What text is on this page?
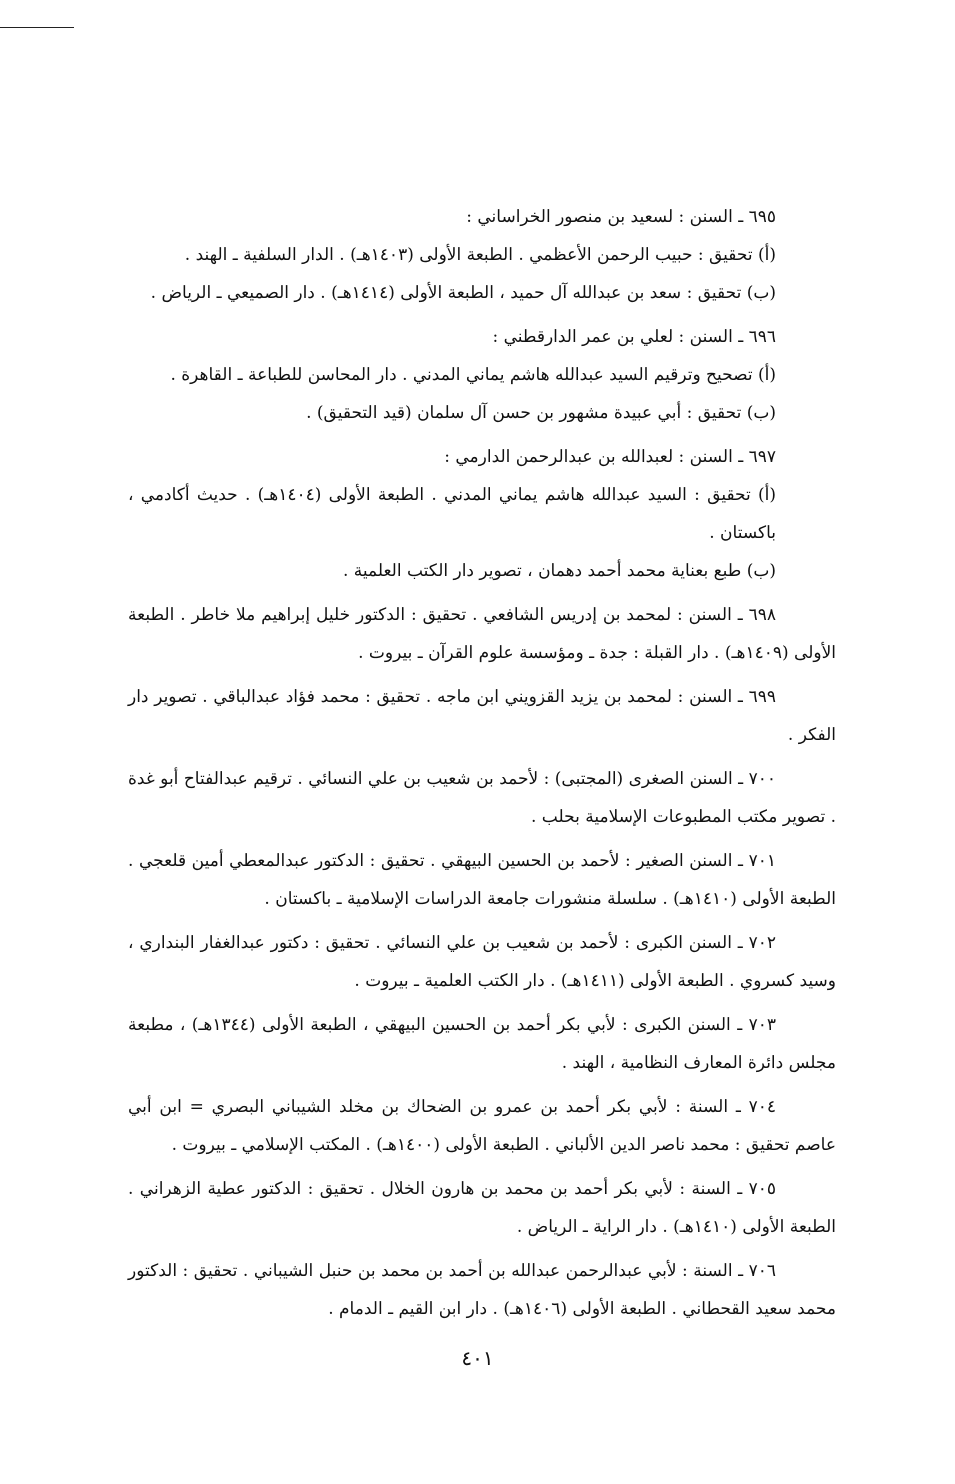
٦٩٥ ـ السنن : لسعيد بن منصور الخراساني :

(أ) تحقيق : حبيب الرحمن الأعظمي . الطبعة الأولى (١٤٠٣هـ) . الدار السلفية ـ الهند .

(ب) تحقيق : سعد بن عبدالله آل حميد ، الطبعة الأولى (١٤١٤هـ) . دار الصميعي ـ الرياض .

٦٩٦ ـ السنن : لعلي بن عمر الدارقطني :

(أ) تصحيح وترقيم السيد عبدالله هاشم يماني المدني . دار المحاسن للطباعة ـ القاهرة .

(ب) تحقيق : أبي عبيدة مشهور بن حسن آل سلمان (قيد التحقيق) .

٦٩٧ ـ السنن : لعبدالله بن عبدالرحمن الدارمي :

(أ) تحقيق : السيد عبدالله هاشم يماني المدني . الطبعة الأولى (١٤٠٤هـ) . حديث أكادمي ، باكستان .

(ب) طبع بعناية محمد أحمد دهمان ، تصوير دار الكتب العلمية .

٦٩٨ ـ السنن : لمحمد بن إدريس الشافعي . تحقيق : الدكتور خليل إبراهيم ملا خاطر . الطبعة الأولى (١٤٠٩هـ) . دار القبلة : جدة ـ ومؤسسة علوم القرآن ـ بيروت .

٦٩٩ ـ السنن : لمحمد بن يزيد القزويني ابن ماجه . تحقيق : محمد فؤاد عبدالباقي . تصوير دار الفكر .

٧٠٠ ـ السنن الصغرى (المجتبى) : لأحمد بن شعيب بن علي النسائي . ترقيم عبدالفتاح أبو غدة . تصوير مكتب المطبوعات الإسلامية بحلب .

٧٠١ ـ السنن الصغير : لأحمد بن الحسين البيهقي . تحقيق : الدكتور عبدالمعطي أمين قلعجي . الطبعة الأولى (١٤١٠هـ) . سلسلة منشورات جامعة الدراسات الإسلامية ـ باكستان .

٧٠٢ ـ السنن الكبرى : لأحمد بن شعيب بن علي النسائي . تحقيق : دكتور عبدالغفار البنداري ، وسيد كسروي . الطبعة الأولى (١٤١١هـ) . دار الكتب العلمية ـ بيروت .

٧٠٣ ـ السنن الكبرى : لأبي بكر أحمد بن الحسين البيهقي ، الطبعة الأولى (١٣٤٤هـ) ، مطبعة مجلس دائرة المعارف النظامية ، الهند .

٧٠٤ ـ السنة : لأبي بكر أحمد بن عمرو بن الضحاك بن مخلد الشيباني البصري = ابن أبي عاصم تحقيق : محمد ناصر الدين الألباني . الطبعة الأولى (١٤٠٠هـ) . المكتب الإسلامي ـ بيروت .

٧٠٥ ـ السنة : لأبي بكر أحمد بن محمد بن هارون الخلال . تحقيق : الدكتور عطية الزهراني . الطبعة الأولى (١٤١٠هـ) . دار الراية ـ الرياض .

٧٠٦ ـ السنة : لأبي عبدالرحمن عبدالله بن أحمد بن محمد بن حنبل الشيباني . تحقيق : الدكتور محمد سعيد القحطاني . الطبعة الأولى (١٤٠٦هـ) . دار ابن القيم ـ الدمام .

٤٠١
